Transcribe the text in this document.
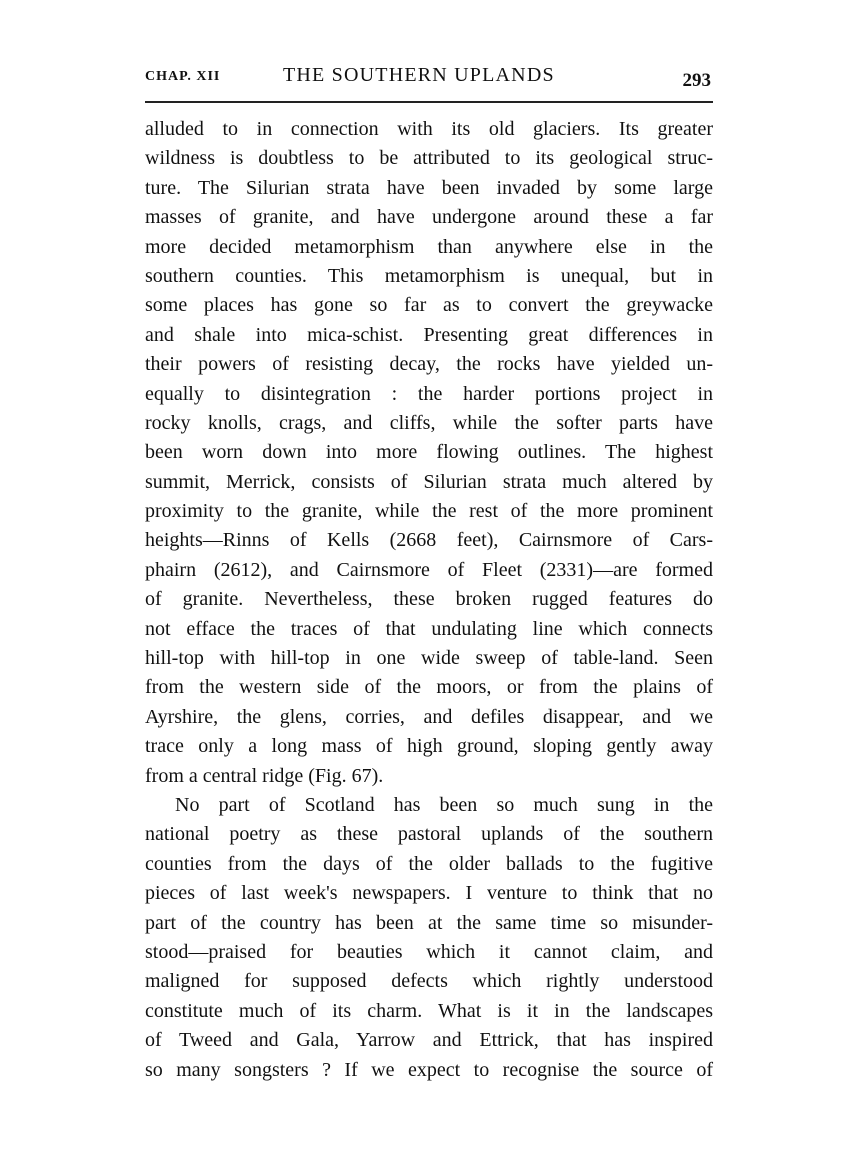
CHAP. XII	THE SOUTHERN UPLANDS	293
alluded to in connection with its old glaciers. Its greater
wildness is doubtless to be attributed to its geological struc-
ture. The Silurian strata have been invaded by some large
masses of granite, and have undergone around these a far
more decided metamorphism than anywhere else in the
southern counties. This metamorphism is unequal, but in
some places has gone so far as to convert the greywacke
and shale into mica-schist. Presenting great differences in
their powers of resisting decay, the rocks have yielded un-
equally to disintegration : the harder portions project in
rocky knolls, crags, and cliffs, while the softer parts have
been worn down into more flowing outlines. The highest
summit, Merrick, consists of Silurian strata much altered by
proximity to the granite, while the rest of the more prominent
heights—Rinns of Kells (2668 feet), Cairnsmore of Cars-
phairn (2612), and Cairnsmore of Fleet (2331)—are formed
of granite. Nevertheless, these broken rugged features do
not efface the traces of that undulating line which connects
hill-top with hill-top in one wide sweep of table-land. Seen
from the western side of the moors, or from the plains of
Ayrshire, the glens, corries, and defiles disappear, and we
trace only a long mass of high ground, sloping gently away
from a central ridge (Fig. 67).
No part of Scotland has been so much sung in the
national poetry as these pastoral uplands of the southern
counties from the days of the older ballads to the fugitive
pieces of last week's newspapers. I venture to think that no
part of the country has been at the same time so misunder-
stood—praised for beauties which it cannot claim, and
maligned for supposed defects which rightly understood
constitute much of its charm. What is it in the landscapes
of Tweed and Gala, Yarrow and Ettrick, that has inspired
so many songsters ? If we expect to recognise the source of
